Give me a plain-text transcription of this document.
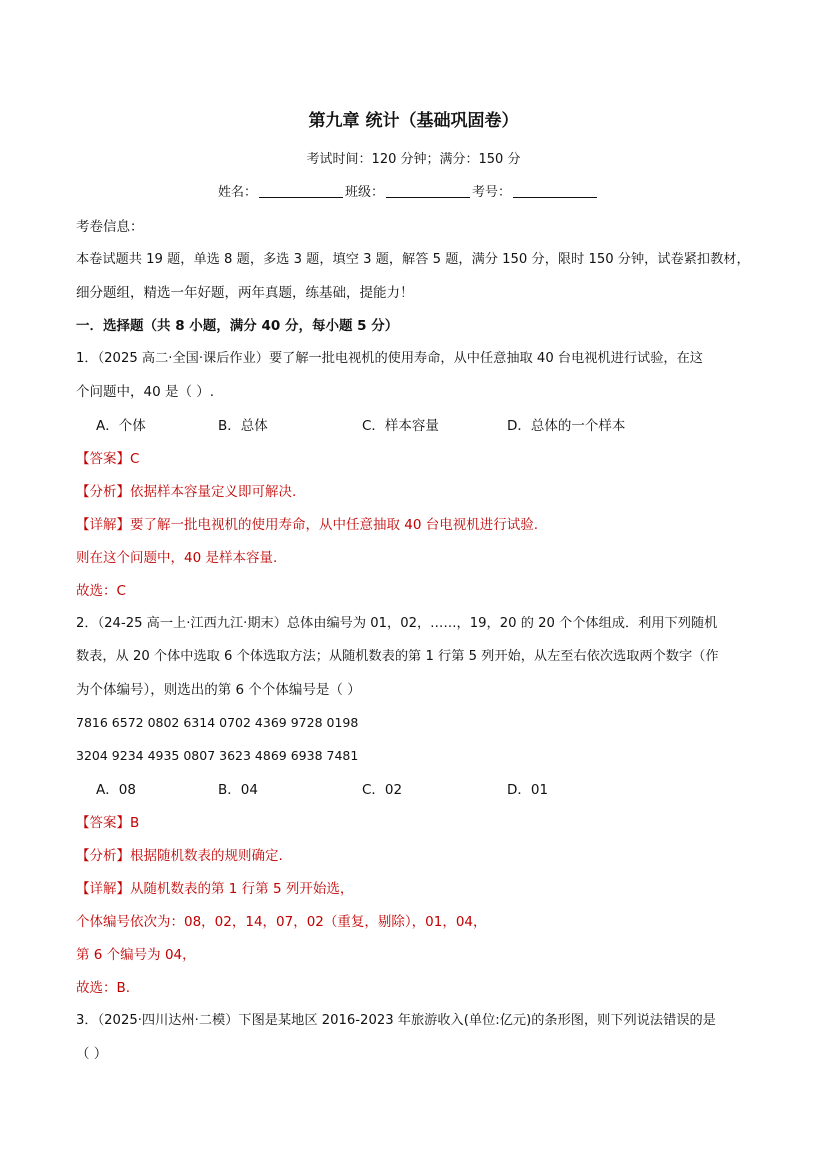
第九章 统计（基础巩固卷）

考试时间：120 分钟；满分：150 分

姓名：	班级：	考号：

考卷信息：

本卷试题共 19 题，单选 8 题，多选 3 题，填空 3 题，解答 5 题，满分 150 分，限时 150 分钟，试卷紧扣教材，

细分题组，精选一年好题，两年真题，练基础，提能力！

一．选择题（共 8 小题，满分 40 分，每小题 5 分）

1．（2025 高二·全国·课后作业）要了解一批电视机的使用寿命，从中任意抽取 40 台电视机进行试验，在这

个问题中，40 是（ ）.

A．个体	B．总体	C．样本容量	D．总体的一个样本

【答案】C

【分析】依据样本容量定义即可解决.

【详解】要了解一批电视机的使用寿命，从中任意抽取 40 台电视机进行试验.

则在这个问题中，40 是样本容量.

故选：C

2．（24-25 高一上·江西九江·期末）总体由编号为 01，02，……，19，20 的 20 个个体组成．利用下列随机

数表，从 20 个体中选取 6 个体选取方法；从随机数表的第 1 行第 5 列开始，从左至右依次选取两个数字（作

为个体编号），则选出的第 6 个个体编号是（ ）

7816 6572 0802 6314 0702 4369 9728 0198

3204 9234 4935 0807 3623 4869 6938 7481

A．08	B．04	C．02	D．01

【答案】B

【分析】根据随机数表的规则确定.

【详解】从随机数表的第 1 行第 5 列开始选，

个体编号依次为：08，02，14，07，02（重复，剔除），01，04，

第 6 个编号为 04，

故选：B.

3．（2025·四川达州·二模）下图是某地区 2016-2023 年旅游收入(单位:亿元)的条形图，则下列说法错误的是

（ ）
